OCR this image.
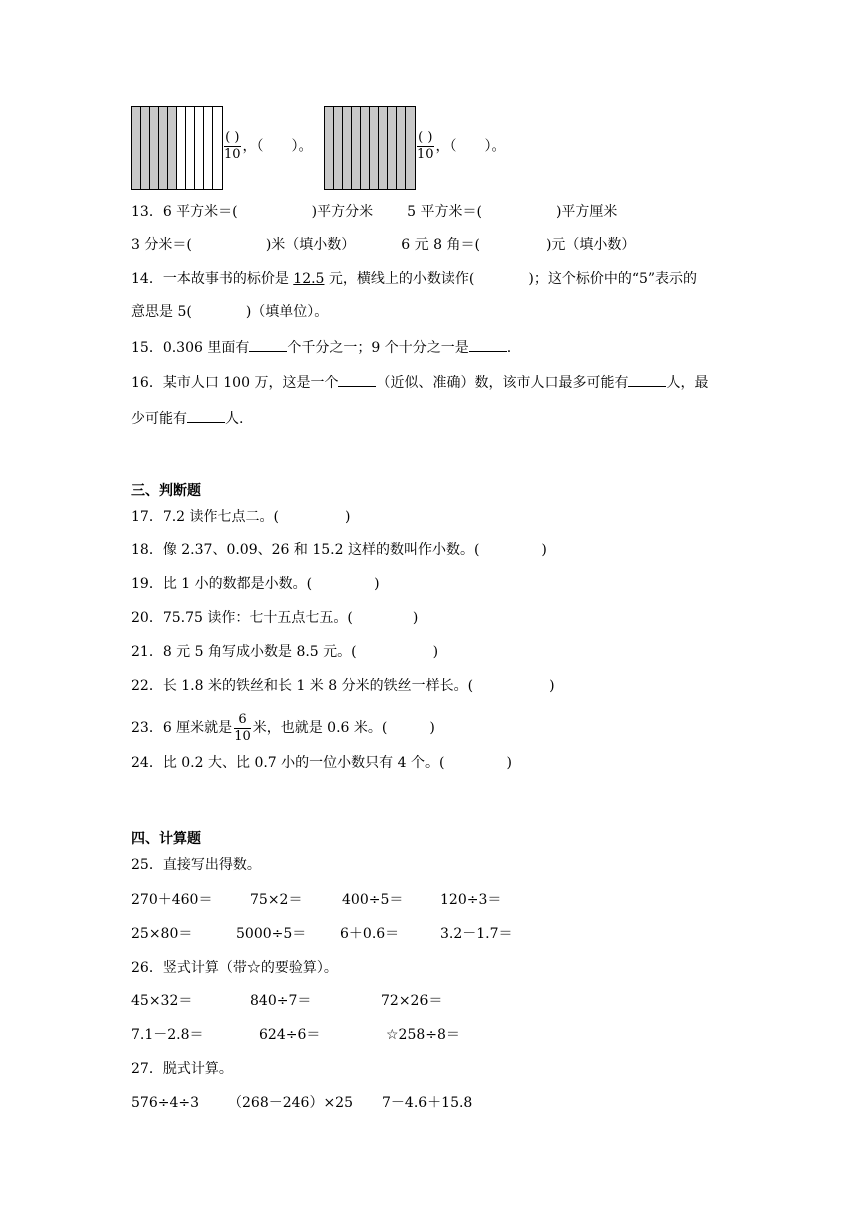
$\frac{( )}{10}$ ，（　　）。	$\frac{( )}{10}$ ，（　　）。
13．6 平方米＝(	)平方分米 5 平方米＝(	)平方厘米
3 分米＝(	)米（填小数）	6 元 8 角＝(	)元（填小数）
14．一本故事书的标价是 12.5 元，横线上的小数读作(	)；这个标价中的“5”表示的
意思是 5(	)（填单位）。
15．0.306 里面有	个千分之一；9 个十分之一是	.
16．某市人口 100 万，这是一个	（近似、准确）数，该市人口最多可能有	人，最
少可能有	人.
三、判断题
17．7.2 读作七点二。(	)
18．像 2.37、0.09、26 和 15.2 这样的数叫作小数。(	)
19．比 1 小的数都是小数。(	)
20．75.75 读作：七十五点七五。(	)
21．8 元 5 角写成小数是 8.5 元。(	)
22．长 1.8 米的铁丝和长 1 米 8 分米的铁丝一样长。(	)
23．6 厘米就是 $\frac{6}{10}$ 米，也就是 0.6 米。(	)
24．比 0.2 大、比 0.7 小的一位小数只有 4 个。(	)
四、计算题
25．直接写出得数。
270＋460＝	75×2＝	400÷5＝	120÷3＝
25×80＝	5000÷5＝ 6＋0.6＝	3.2－1.7＝
26．竖式计算（带☆的要验算）。
45×32＝	840÷7＝	72×26＝
7.1－2.8＝	624÷6＝	☆258÷8＝
27．脱式计算。
576÷4÷3 （268－246）×25 7－4.6＋15.8
